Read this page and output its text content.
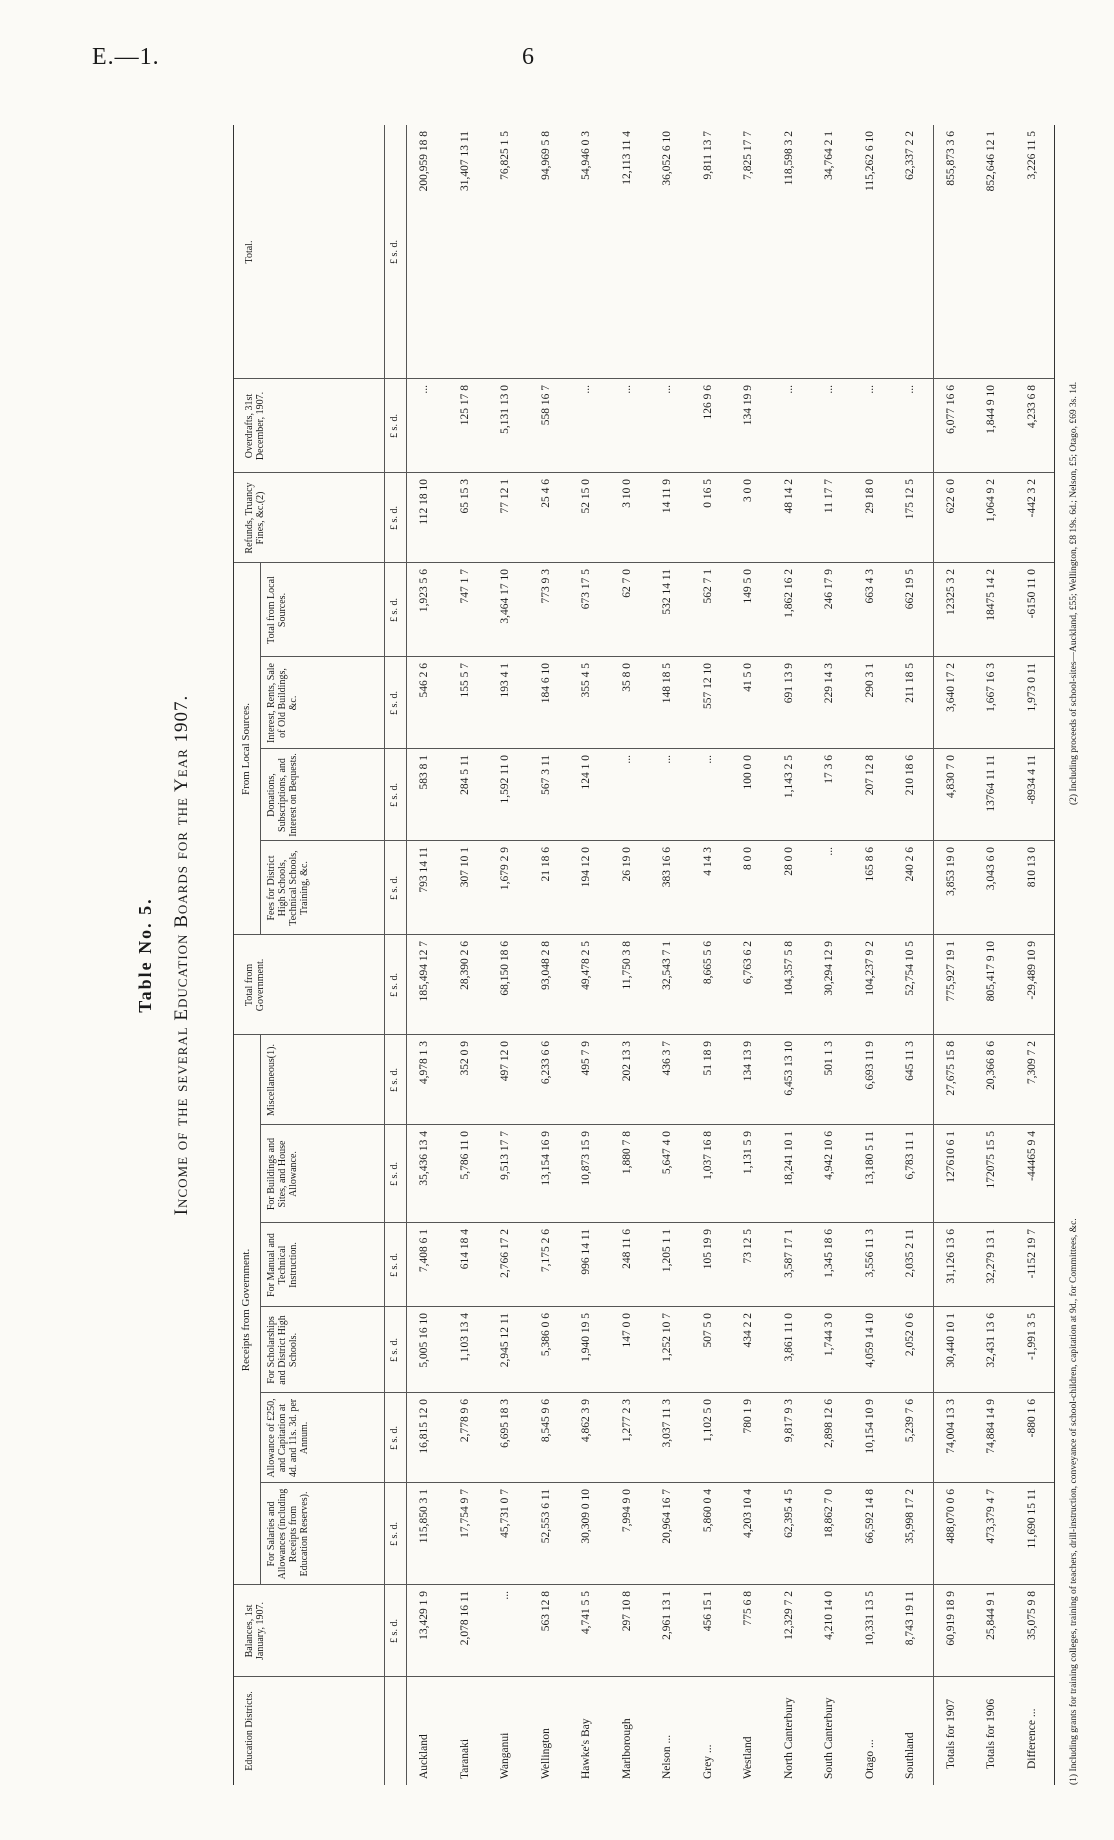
E.—1.	6
Table No. 5. Income of the several Education Boards for the Year 1907.
Receipts from Government.
From Local Sources.
Education Districts.
Balances, 1st January, 1907.
For Salaries and Allowances (including Receipts from Education Reserves).
Allowance of £250, and Capitation at 4d. and 11s. 3d. per Annum.
For Scholarships and District High Schools.
For Manual and Technical Instruction.
For Buildings and Sites, and House Allowance.
Miscellaneous(1).
Total from Government.
Fees for District High Schools, Technical Schools, Training, &c.
Donations, Subscriptions, and Interest on Bequests.
Interest, Rents, Sale of Old Buildings, &c.
Total from Local Sources.
Refunds, Truancy Fines, &c.(2)
Overdrafts, 31st December, 1907.
Total.
£ s. d.
£ s. d.
£ s. d.
£ s. d.
£ s. d.
£ s. d.
£ s. d.
£ s. d.
£ s. d.
£ s. d.
£ s. d.
£ s. d.
£ s. d.
£ s. d.
£ s. d.
Auckland
13,429 1 9
115,850 3 1
16,815 12 0
5,005 16 10
7,408 6 1
35,436 13 4
4,978 1 3
185,494 12 7
793 14 11
583 8 1
546 2 6
1,923 5 6
112 18 10
...
200,959 18 8
Taranaki
2,078 16 11
17,754 9 7
2,778 9 6
1,103 13 4
614 18 4
5,786 11 0
352 0 9
28,390 2 6
307 10 1
284 5 11
155 5 7
747 1 7
65 15 3
125 17 8
31,407 13 11
Wanganui
...
45,731 0 7
6,695 18 3
2,945 12 11
2,766 17 2
9,513 17 7
497 12 0
68,150 18 6
1,679 2 9
1,592 11 0
193 4 1
3,464 17 10
77 12 1
5,131 13 0
76,825 1 5
Wellington
563 12 8
52,553 6 11
8,545 9 6
5,386 0 6
7,175 2 6
13,154 16 9
6,233 6 6
93,048 2 8
21 18 6
567 3 11
184 6 10
773 9 3
25 4 6
558 16 7
94,969 5 8
Hawke's Bay
4,741 5 5
30,309 0 10
4,862 3 9
1,940 19 5
996 14 11
10,873 15 9
495 7 9
49,478 2 5
194 12 0
124 1 0
355 4 5
673 17 5
52 15 0
...
54,946 0 3
Marlborough
297 10 8
7,994 9 0
1,277 2 3
147 0 0
248 11 6
1,880 7 8
202 13 3
11,750 3 8
26 19 0
...
35 8 0
62 7 0
3 10 0
...
12,113 11 4
Nelson ...
2,961 13 1
20,964 16 7
3,037 11 3
1,252 10 7
1,205 1 1
5,647 4 0
436 3 7
32,543 7 1
383 16 6
...
148 18 5
532 14 11
14 11 9
...
36,052 6 10
Grey ...
456 15 1
5,860 0 4
1,102 5 0
507 5 0
105 19 9
1,037 16 8
51 18 9
8,665 5 6
4 14 3
...
557 12 10
562 7 1
0 16 5
126 9 6
9,811 13 7
Westland
775 6 8
4,203 10 4
780 1 9
434 2 2
73 12 5
1,131 5 9
134 13 9
6,763 6 2
8 0 0
100 0 0
41 5 0
149 5 0
3 0 0
134 19 9
7,825 17 7
North Canterbury
12,329 7 2
62,395 4 5
9,817 9 3
3,861 11 0
3,587 17 1
18,241 10 1
6,453 13 10
104,357 5 8
28 0 0
1,143 2 5
691 13 9
1,862 16 2
48 14 2
...
118,598 3 2
South Canterbury
4,210 14 0
18,862 7 0
2,898 12 6
1,744 3 0
1,345 18 6
4,942 10 6
501 1 3
30,294 12 9
...
17 3 6
229 14 3
246 17 9
11 17 7
...
34,764 2 1
Otago ...
10,331 13 5
66,592 14 8
10,154 10 9
4,059 14 10
3,556 11 3
13,180 5 11
6,693 11 9
104,237 9 2
165 8 6
207 12 8
290 3 1
663 4 3
29 18 0
...
115,262 6 10
Southland
8,743 19 11
35,998 17 2
5,239 7 6
2,052 0 6
2,035 2 11
6,783 11 1
645 11 3
52,754 10 5
240 2 6
210 18 6
211 18 5
662 19 5
175 12 5
...
62,337 2 2
Totals for 1907
60,919 18 9
488,070 0 6
74,004 13 3
30,440 10 1
31,126 13 6
127610 6 1
27,675 15 8
775,927 19 1
3,853 19 0
4,830 7 0
3,640 17 2
12325 3 2
622 6 0
6,077 16 6
855,873 3 6
Totals for 1906
25,844 9 1
473,379 4 7
74,884 14 9
32,431 13 6
32,279 13 1
172075 15 5
20,366 8 6
805,417 9 10
3,043 6 0
13764 11 11
1,667 16 3
18475 14 2
1,064 9 2
1,844 9 10
852,646 12 1
Difference ...
35,075 9 8
11,690 15 11
-880 1 6
-1,991 3 5
-1152 19 7
-44465 9 4
7,309 7 2
-29,489 10 9
810 13 0
-8934 4 11
1,973 0 11
-6150 11 0
-442 3 2
4,233 6 8
3,226 11 5
(1) Including grants for training colleges, training of teachers, drill-instruction, conveyance of school-children, capitation at 9d., for Committees, &c.
(2) Including proceeds of school-sites—Auckland, £55; Wellington, £8 19s. 6d.; Nelson, £5; Otago, £69 3s. 1d.
